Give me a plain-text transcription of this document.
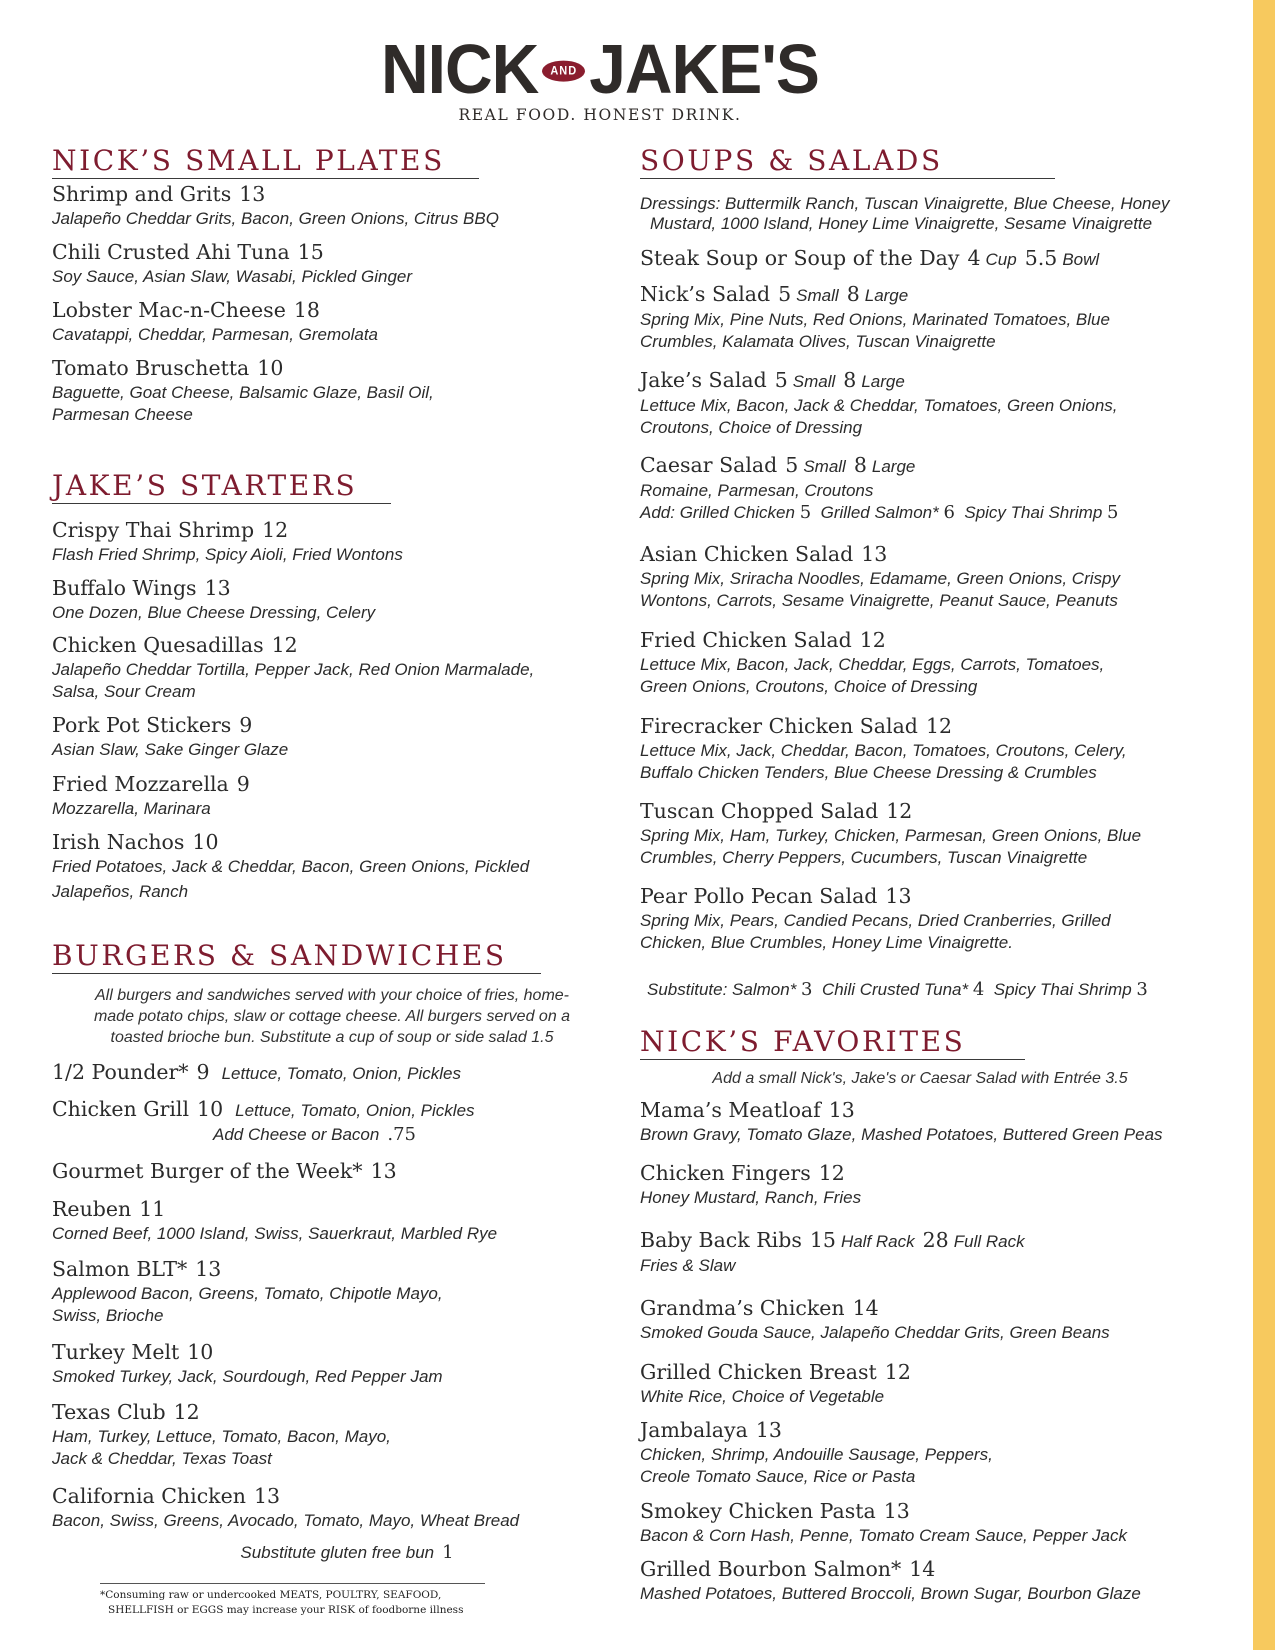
NICK	AND JAKE'S
REAL FOOD. HONEST DRINK.
NICK’S SMALL PLATES
Shrimp and Grits 13
Jalapeño Cheddar Grits, Bacon, Green Onions, Citrus BBQ
Chili Crusted Ahi Tuna 15
Soy Sauce, Asian Slaw, Wasabi, Pickled Ginger
Lobster Mac-n-Cheese 18
Cavatappi, Cheddar, Parmesan, Gremolata
Tomato Bruschetta 10
Baguette, Goat Cheese, Balsamic Glaze, Basil Oil,
Parmesan Cheese
JAKE’S STARTERS
Crispy Thai Shrimp 12
Flash Fried Shrimp, Spicy Aioli, Fried Wontons
Buffalo Wings 13
One Dozen, Blue Cheese Dressing, Celery
Chicken Quesadillas 12
Jalapeño Cheddar Tortilla, Pepper Jack, Red Onion Marmalade,
Salsa, Sour Cream
Pork Pot Stickers 9
Asian Slaw, Sake Ginger Glaze
Fried Mozzarella 9
Mozzarella, Marinara
Irish Nachos 10
Fried Potatoes, Jack & Cheddar, Bacon, Green Onions, Pickled
Jalapeños, Ranch
BURGERS & SANDWICHES
All burgers and sandwiches served with your choice of fries, home-
made potato chips, slaw or cottage cheese. All burgers served on a
toasted brioche bun. Substitute a cup of soup or side salad 1.5
1/2 Pounder* 9 Lettuce, Tomato, Onion, Pickles
Chicken Grill 10 Lettuce, Tomato, Onion, Pickles
Add Cheese or Bacon .75
Gourmet Burger of the Week* 13
Reuben 11
Corned Beef, 1000 Island, Swiss, Sauerkraut, Marbled Rye
Salmon BLT* 13
Applewood Bacon, Greens, Tomato, Chipotle Mayo,
Swiss, Brioche
Turkey Melt 10
Smoked Turkey, Jack, Sourdough, Red Pepper Jam
Texas Club 12
Ham, Turkey, Lettuce, Tomato, Bacon, Mayo,
Jack & Cheddar, Texas Toast
California Chicken 13
Bacon, Swiss, Greens, Avocado, Tomato, Mayo, Wheat Bread
Substitute gluten free bun 1
*Consuming raw or undercooked MEATS, POULTRY, SEAFOOD,
SHELLFISH or EGGS may increase your RISK of foodborne illness
SOUPS & SALADS
Dressings: Buttermilk Ranch, Tuscan Vinaigrette, Blue Cheese, Honey
Mustard, 1000 Island, Honey Lime Vinaigrette, Sesame Vinaigrette
Steak Soup or Soup of the Day 4 Cup 5.5 Bowl
Nick’s Salad 5 Small 8 Large
Spring Mix, Pine Nuts, Red Onions, Marinated Tomatoes, Blue
Crumbles, Kalamata Olives, Tuscan Vinaigrette
Jake’s Salad 5 Small 8 Large
Lettuce Mix, Bacon, Jack & Cheddar, Tomatoes, Green Onions,
Croutons, Choice of Dressing
Caesar Salad 5 Small 8 Large
Romaine, Parmesan, Croutons
Add: Grilled Chicken 5 Grilled Salmon* 6 Spicy Thai Shrimp 5
Asian Chicken Salad 13
Spring Mix, Sriracha Noodles, Edamame, Green Onions, Crispy
Wontons, Carrots, Sesame Vinaigrette, Peanut Sauce, Peanuts
Fried Chicken Salad 12
Lettuce Mix, Bacon, Jack, Cheddar, Eggs, Carrots, Tomatoes,
Green Onions, Croutons, Choice of Dressing
Firecracker Chicken Salad 12
Lettuce Mix, Jack, Cheddar, Bacon, Tomatoes, Croutons, Celery,
Buffalo Chicken Tenders, Blue Cheese Dressing & Crumbles
Tuscan Chopped Salad 12
Spring Mix, Ham, Turkey, Chicken, Parmesan, Green Onions, Blue
Crumbles, Cherry Peppers, Cucumbers, Tuscan Vinaigrette
Pear Pollo Pecan Salad 13
Spring Mix, Pears, Candied Pecans, Dried Cranberries, Grilled
Chicken, Blue Crumbles, Honey Lime Vinaigrette.
Substitute: Salmon* 3 Chili Crusted Tuna* 4 Spicy Thai Shrimp 3
NICK’S FAVORITES
Add a small Nick's, Jake's or Caesar Salad with Entrée 3.5
Mama’s Meatloaf 13
Brown Gravy, Tomato Glaze, Mashed Potatoes, Buttered Green Peas
Chicken Fingers 12
Honey Mustard, Ranch, Fries
Baby Back Ribs 15 Half Rack 28 Full Rack
Fries & Slaw
Grandma’s Chicken 14
Smoked Gouda Sauce, Jalapeño Cheddar Grits, Green Beans
Grilled Chicken Breast 12
White Rice, Choice of Vegetable
Jambalaya 13
Chicken, Shrimp, Andouille Sausage, Peppers,
Creole Tomato Sauce, Rice or Pasta
Smokey Chicken Pasta 13
Bacon & Corn Hash, Penne, Tomato Cream Sauce, Pepper Jack
Grilled Bourbon Salmon* 14
Mashed Potatoes, Buttered Broccoli, Brown Sugar, Bourbon Glaze
